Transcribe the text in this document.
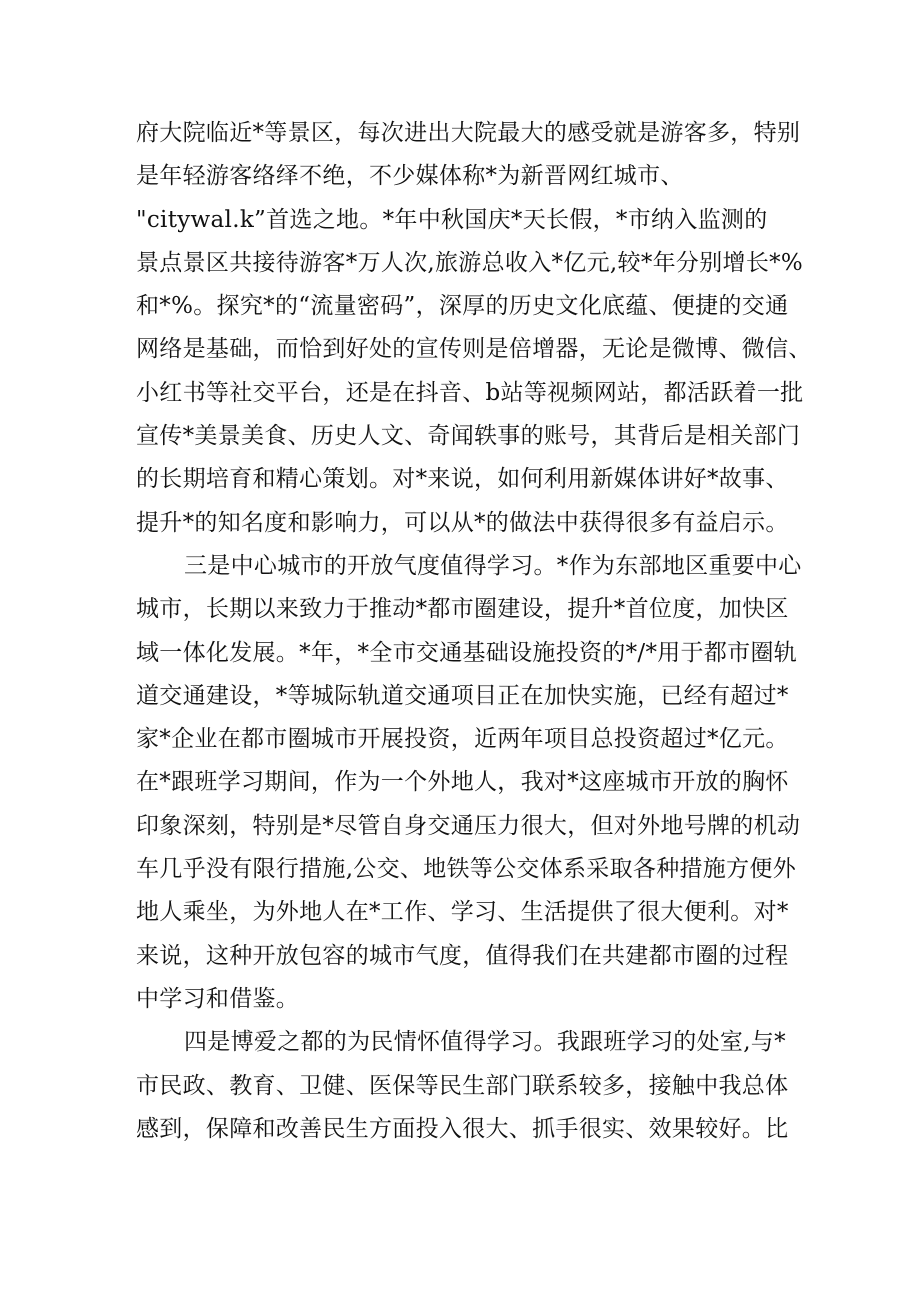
府大院临近*等景区，每次进出大院最大的感受就是游客多，特别
是年轻游客络绎不绝，不少媒体称*为新晋网红城市、
"citywal.k”首选之地。*年中秋国庆*天长假，*市纳入监测的
景点景区共接待游客*万人次,旅游总收入*亿元,较*年分别增长*%
和*%。探究*的“流量密码”，深厚的历史文化底蕴、便捷的交通
网络是基础，而恰到好处的宣传则是倍增器，无论是微博、微信、
小红书等社交平台，还是在抖音、b站等视频网站，都活跃着一批
宣传*美景美食、历史人文、奇闻轶事的账号，其背后是相关部门
的长期培育和精心策划。对*来说，如何利用新媒体讲好*故事、
提升*的知名度和影响力，可以从*的做法中获得很多有益启示。
三是中心城市的开放气度值得学习。*作为东部地区重要中心
城市，长期以来致力于推动*都市圈建设，提升*首位度，加快区
域一体化发展。*年，*全市交通基础设施投资的*/*用于都市圈轨
道交通建设，*等城际轨道交通项目正在加快实施，已经有超过*
家*企业在都市圈城市开展投资，近两年项目总投资超过*亿元。
在*跟班学习期间，作为一个外地人，我对*这座城市开放的胸怀
印象深刻，特别是*尽管自身交通压力很大，但对外地号牌的机动
车几乎没有限行措施,公交、地铁等公交体系采取各种措施方便外
地人乘坐，为外地人在*工作、学习、生活提供了很大便利。对*
来说，这种开放包容的城市气度，值得我们在共建都市圈的过程
中学习和借鉴。
四是博爱之都的为民情怀值得学习。我跟班学习的处室,与*
市民政、教育、卫健、医保等民生部门联系较多，接触中我总体
感到，保障和改善民生方面投入很大、抓手很实、效果较好。比
